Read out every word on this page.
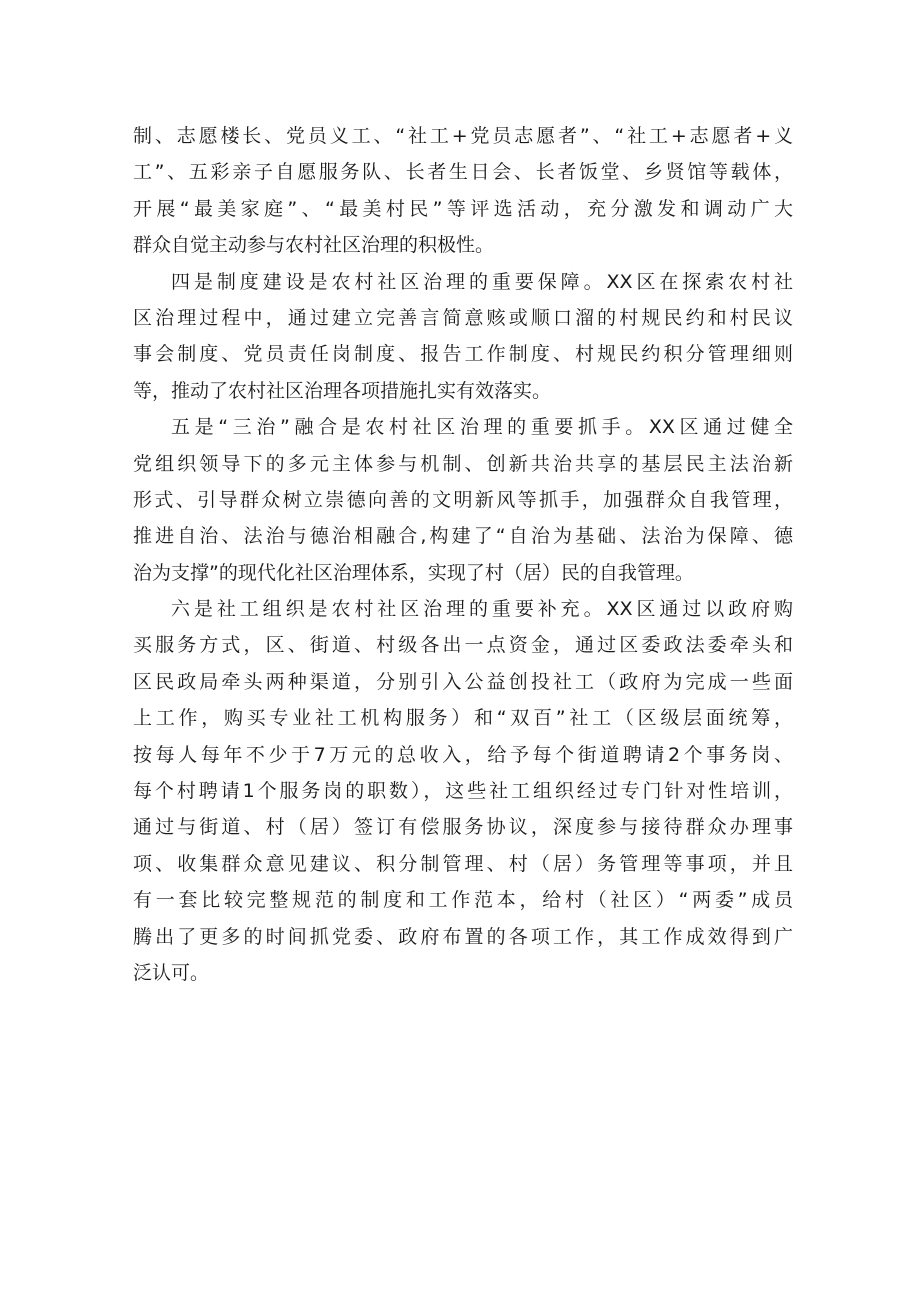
制、志愿楼长、党员义工、“社工+党员志愿者”、“社工+志愿者+义
工”、五彩亲子自愿服务队、长者生日会、长者饭堂、乡贤馆等载体，
开展“最美家庭”、“最美村民”等评选活动，充分激发和调动广大
群众自觉主动参与农村社区治理的积极性。
四是制度建设是农村社区治理的重要保障。XX区在探索农村社
区治理过程中，通过建立完善言简意赅或顺口溜的村规民约和村民议
事会制度、党员责任岗制度、报告工作制度、村规民约积分管理细则
等，推动了农村社区治理各项措施扎实有效落实。
五是“三治”融合是农村社区治理的重要抓手。XX区通过健全
党组织领导下的多元主体参与机制、创新共治共享的基层民主法治新
形式、引导群众树立崇德向善的文明新风等抓手，加强群众自我管理，
推进自治、法治与德治相融合,构建了“自治为基础、法治为保障、德
治为支撑”的现代化社区治理体系，实现了村（居）民的自我管理。
六是社工组织是农村社区治理的重要补充。XX区通过以政府购
买服务方式，区、街道、村级各出一点资金，通过区委政法委牵头和
区民政局牵头两种渠道，分别引入公益创投社工（政府为完成一些面
上工作，购买专业社工机构服务）和“双百”社工（区级层面统筹，
按每人每年不少于7万元的总收入，给予每个街道聘请2个事务岗、
每个村聘请1个服务岗的职数），这些社工组织经过专门针对性培训，
通过与街道、村（居）签订有偿服务协议，深度参与接待群众办理事
项、收集群众意见建议、积分制管理、村（居）务管理等事项，并且
有一套比较完整规范的制度和工作范本，给村（社区）“两委”成员
腾出了更多的时间抓党委、政府布置的各项工作，其工作成效得到广
泛认可。
